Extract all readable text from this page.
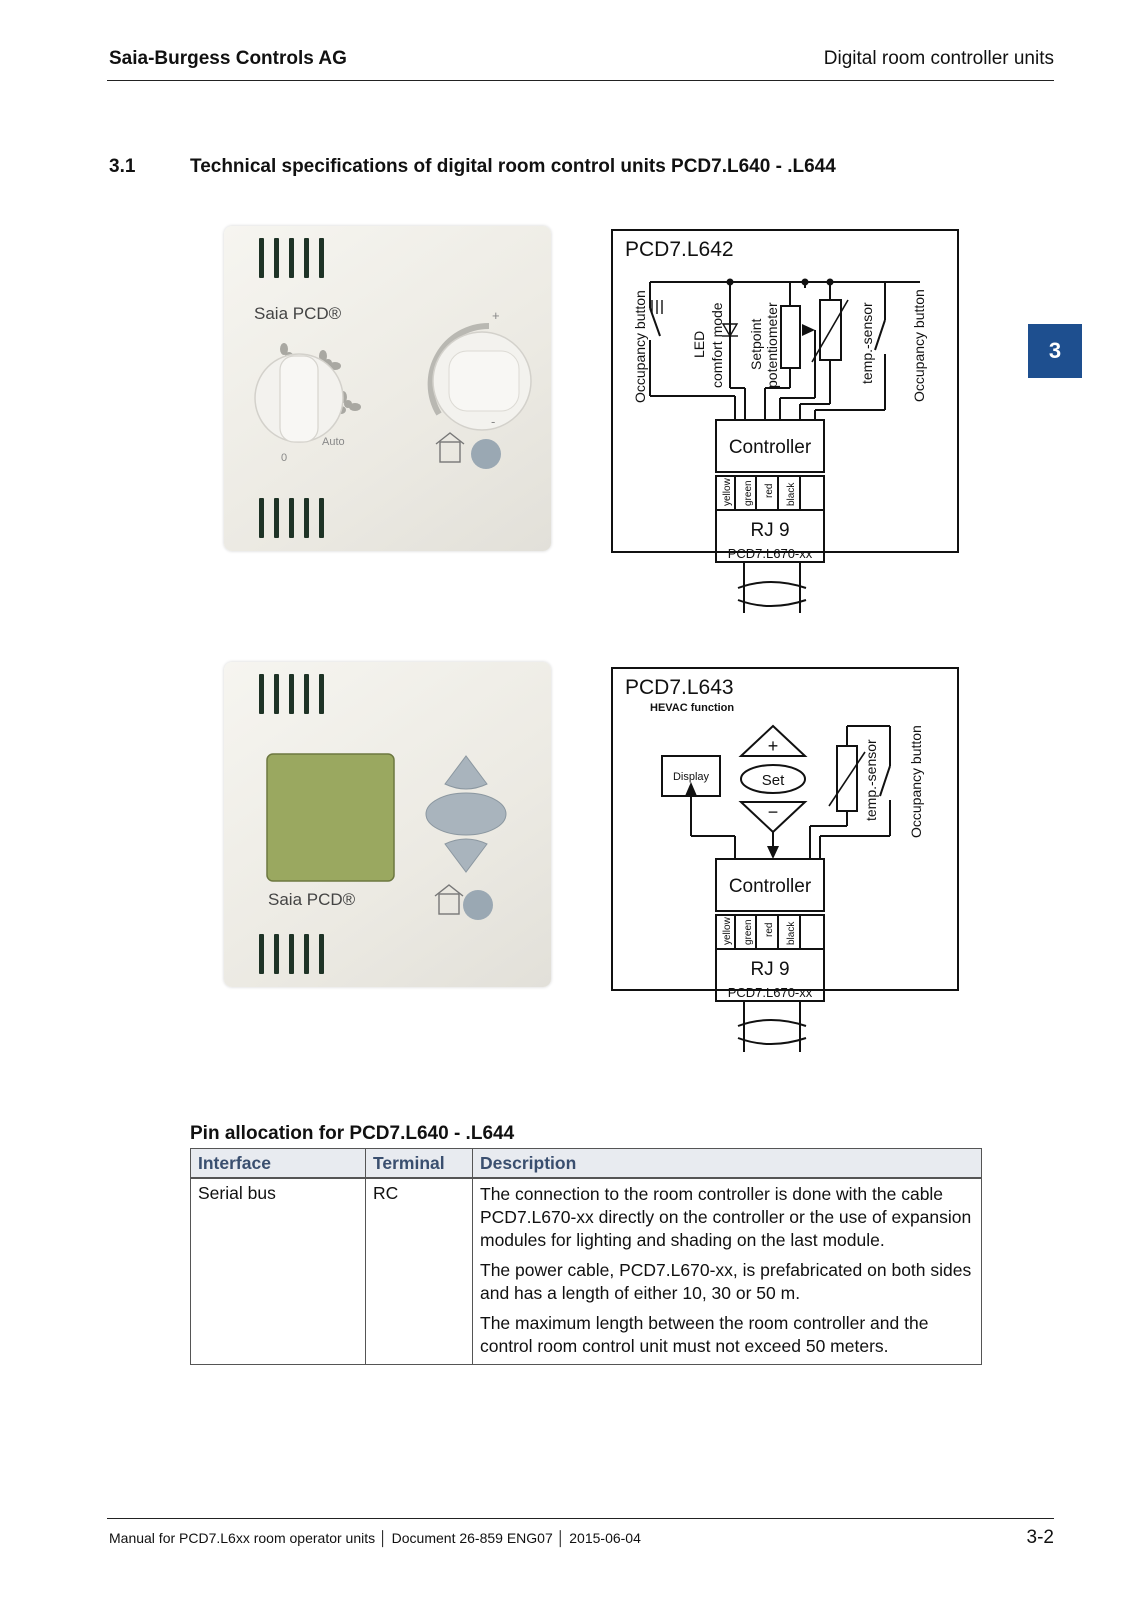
Saia-Burgess Controls AG	Digital room controller units
3.1	Technical specifications of digital room control units PCD7.L640 - .L644
3
Saia PCD®
0
Auto
+
-
PCD7.L642
Occupancy button	LED comfort mode Setpoint potentiometer	temp.-sensor	Occupancy button
Controller
yellow green red black
RJ 9
PCD7.L670-xx
Saia PCD®
HEVAC function
PCD7.L643
Display
+
Set
−	temp.-sensor Occupancy button
Controller
yellow green red black
RJ 9
PCD7.L670-xx
Pin allocation for PCD7.L640 - .L644
Interface	Terminal	Description
Serial bus	RC	The connection to the room controller is done with the cable PCD7.L670-xx directly on the controller or the use of expansion modules for lighting and shading on the last module.

The power cable, PCD7.L670-xx, is prefabricated on both sides and has a length of either 10, 30 or 50 m.

The maximum length between the room controller and the control room control unit must not exceed 50 meters.

Manual for PCD7.L6xx room operator units │ Document 26-859 ENG07 │ 2015-06-04	3-2
